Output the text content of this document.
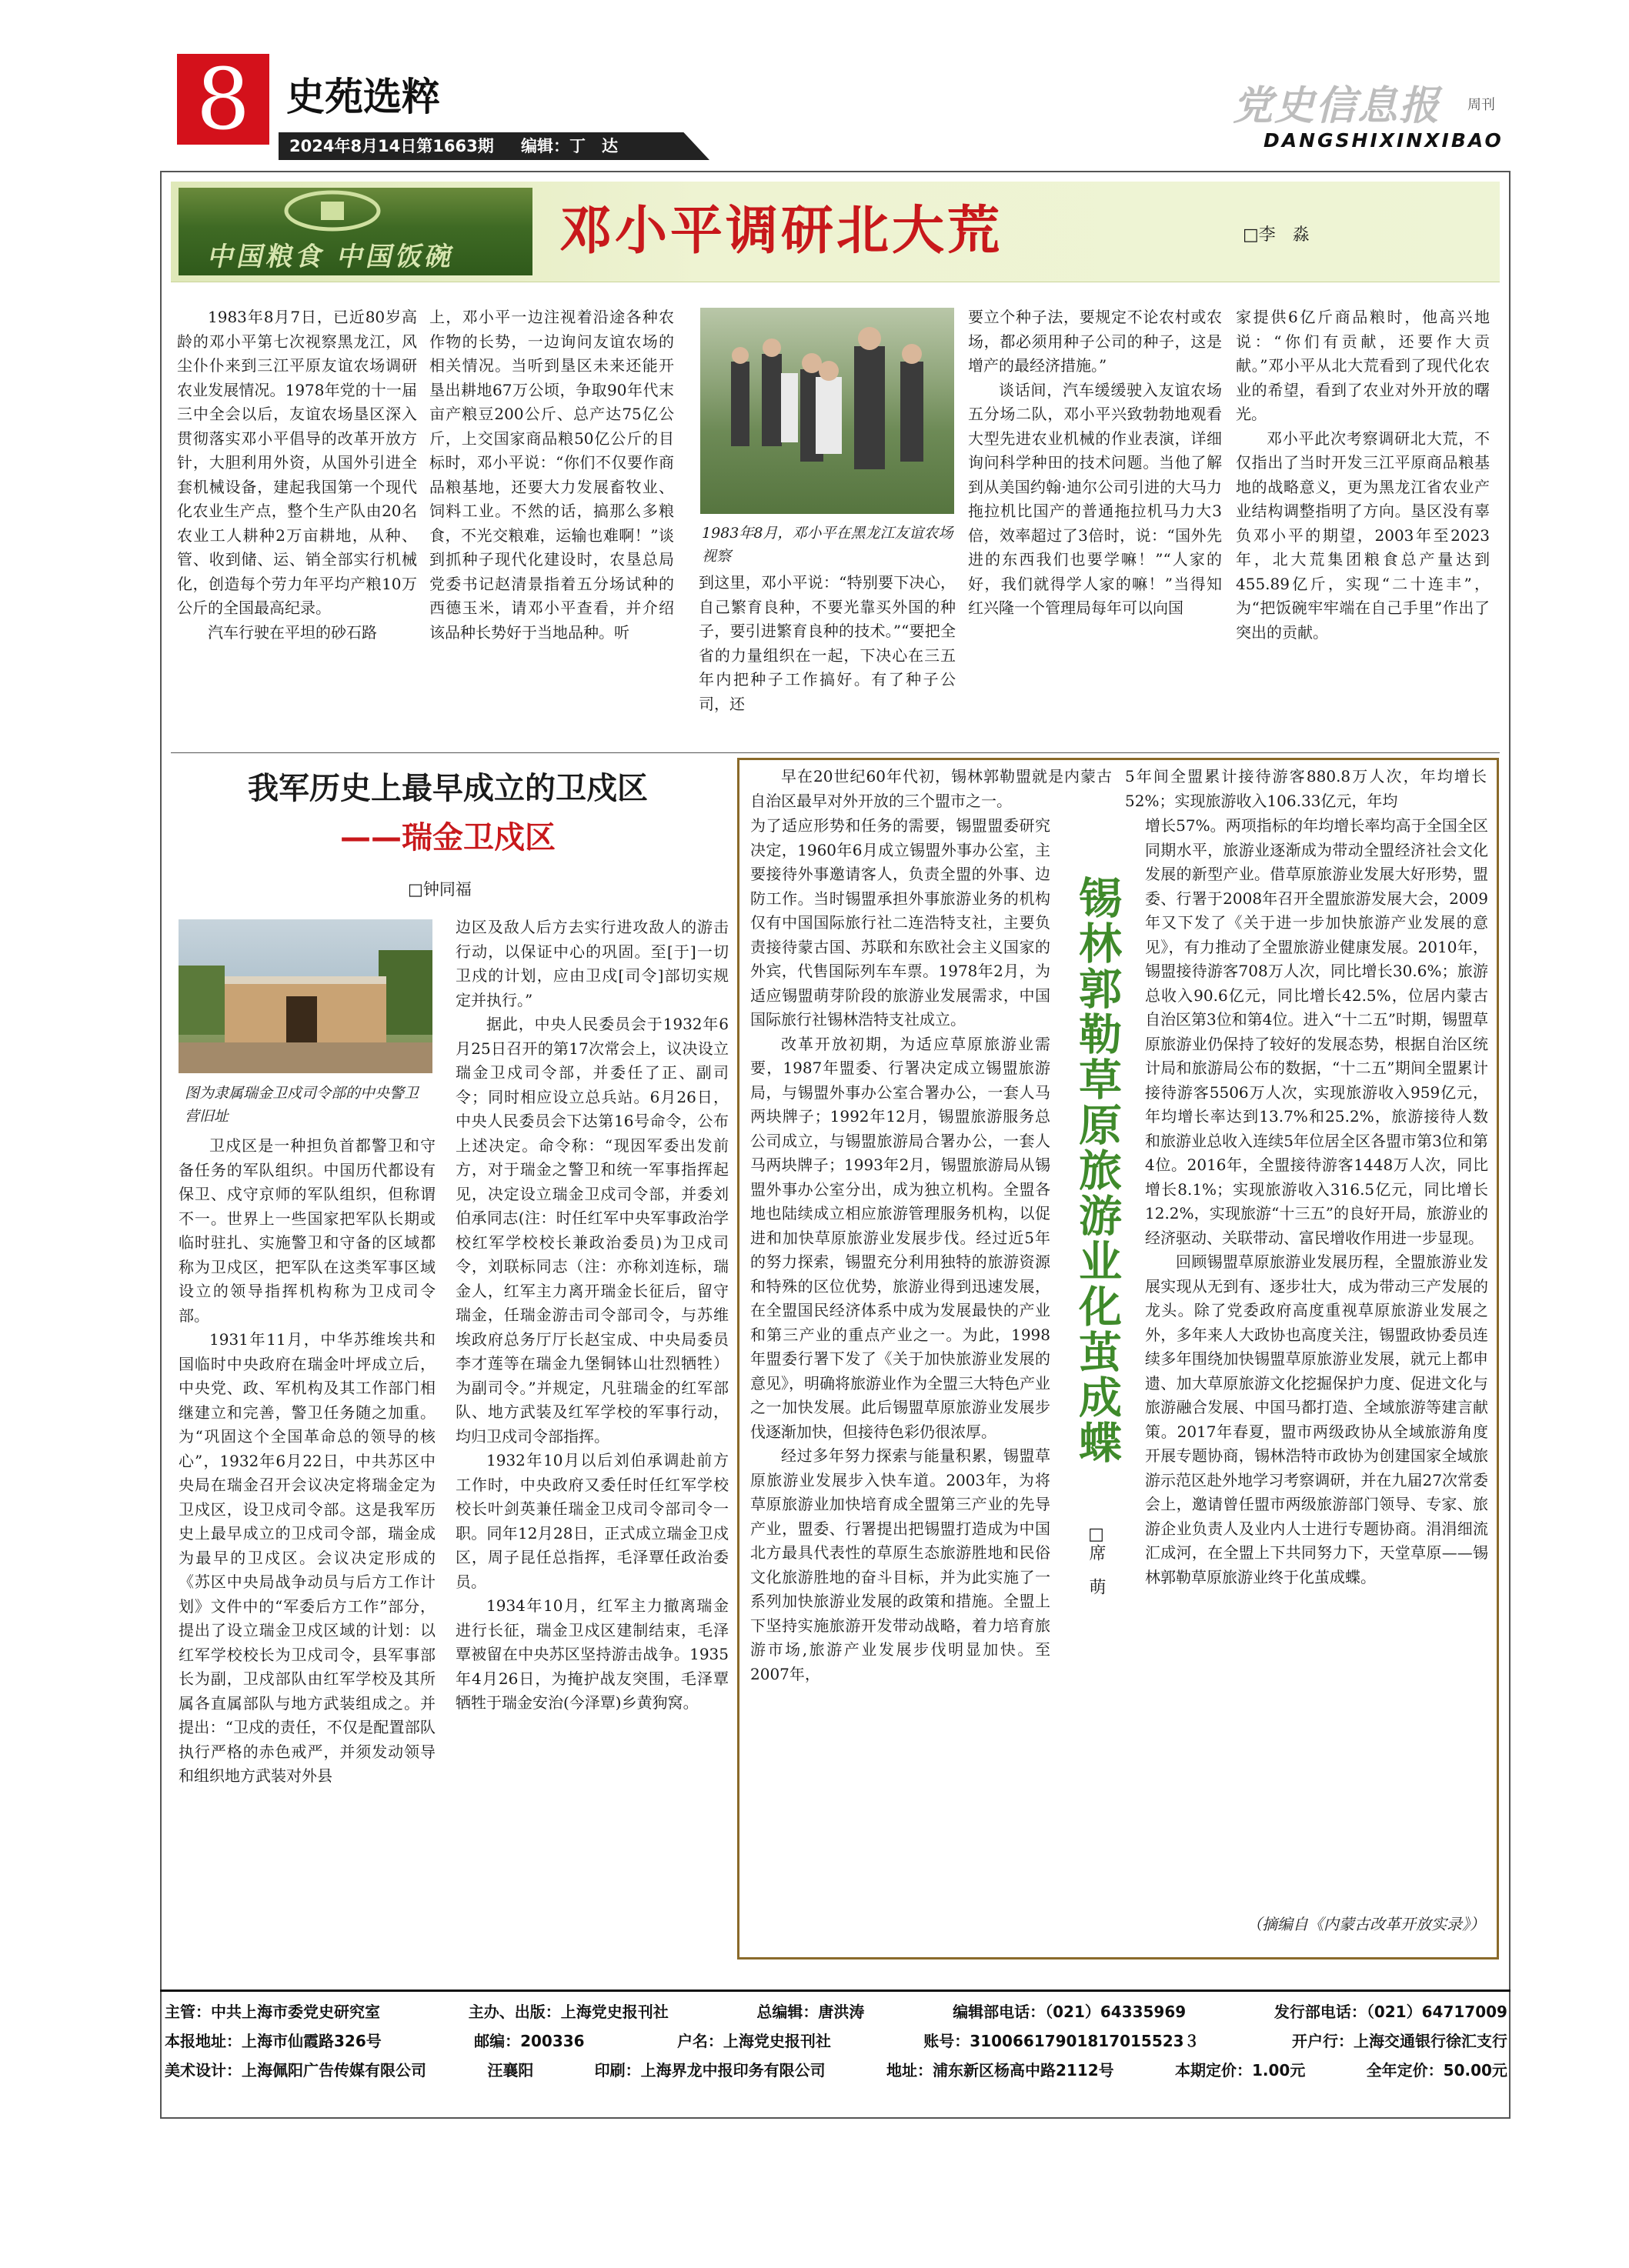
8 史苑选粹
2024年8月14日第1663期 编辑：丁　达
党史信息报 周刊
DANGSHIXINXIBAO
中国粮食 中国饭碗 邓小平调研北大荒	□李　淼

1983年8月7日，已近80岁高龄的邓小平第七次视察黑龙江，风尘仆仆来到三江平原友谊农场调研农业发展情况。1978年党的十一届三中全会以后，友谊农场垦区深入贯彻落实邓小平倡导的改革开放方针，大胆利用外资，从国外引进全套机械设备，建起我国第一个现代化农业生产点，整个生产队由20名农业工人耕种2万亩耕地，从种、管、收到储、运、销全部实行机械化，创造每个劳力年平均产粮10万公斤的全国最高纪录。

汽车行驶在平坦的砂石路

上，邓小平一边注视着沿途各种农作物的长势，一边询问友谊农场的相关情况。当听到垦区未来还能开垦出耕地67万公顷，争取90年代末亩产粮豆200公斤、总产达75亿公斤，上交国家商品粮50亿公斤的目标时，邓小平说：“你们不仅要作商品粮基地，还要大力发展畜牧业、饲料工业。不然的话，搞那么多粮食，不光交粮难，运输也难啊！”谈到抓种子现代化建设时，农垦总局党委书记赵清景指着五分场试种的西德玉米，请邓小平查看，并介绍该品种长势好于当地品种。听

1983年8月，邓小平在黑龙江友谊农场视察

到这里，邓小平说：“特别要下决心，自己繁育良种，不要光靠买外国的种子，要引进繁育良种的技术。”“要把全省的力量组织在一起，下决心在三五年内把种子工作搞好。有了种子公司，还

要立个种子法，要规定不论农村或农场，都必须用种子公司的种子，这是增产的最经济措施。”

谈话间，汽车缓缓驶入友谊农场五分场二队，邓小平兴致勃勃地观看大型先进农业机械的作业表演，详细询问科学种田的技术问题。当他了解到从美国约翰·迪尔公司引进的大马力拖拉机比国产的普通拖拉机马力大3倍，效率超过了3倍时，说：“国外先进的东西我们也要学嘛！”“人家的好，我们就得学人家的嘛！”当得知红兴隆一个管理局每年可以向国

家提供6亿斤商品粮时，他高兴地说：“你们有贡献，还要作大贡献。”邓小平从北大荒看到了现代化农业的希望，看到了农业对外开放的曙光。

邓小平此次考察调研北大荒，不仅指出了当时开发三江平原商品粮基地的战略意义，更为黑龙江省农业产业结构调整指明了方向。垦区没有辜负邓小平的期望，2003年至2023年，北大荒集团粮食总产量达到455.89亿斤，实现“二十连丰”，为“把饭碗牢牢端在自己手里”作出了突出的贡献。

我军历史上最早成立的卫戍区
——瑞金卫戍区
□钟同福
图为隶属瑞金卫戍司令部的中央警卫营旧址

卫戍区是一种担负首都警卫和守备任务的军队组织。中国历代都设有保卫、戍守京师的军队组织，但称谓不一。世界上一些国家把军队长期或临时驻扎、实施警卫和守备的区域都称为卫戍区，把军队在这类军事区域设立的领导指挥机构称为卫戍司令部。

1931年11月，中华苏维埃共和国临时中央政府在瑞金叶坪成立后，中央党、政、军机构及其工作部门相继建立和完善，警卫任务随之加重。为“巩固这个全国革命总的领导的核心”，1932年6月22日，中共苏区中央局在瑞金召开会议决定将瑞金定为卫戍区，设卫戍司令部。这是我军历史上最早成立的卫戍司令部，瑞金成为最早的卫戍区。会议决定形成的《苏区中央局战争动员与后方工作计划》文件中的“军委后方工作”部分，提出了设立瑞金卫戍区域的计划：以红军学校校长为卫戍司令，县军事部长为副，卫戍部队由红军学校及其所属各直属部队与地方武装组成之。并提出：“卫戍的责任，不仅是配置部队执行严格的赤色戒严，并须发动领导和组织地方武装对外县

边区及敌人后方去实行进攻敌人的游击行动，以保证中心的巩固。至[于]一切卫戍的计划，应由卫戍[司令]部切实规定并执行。”

据此，中央人民委员会于1932年6月25日召开的第17次常会上，议决设立瑞金卫戍司令部，并委任了正、副司令；同时相应设立总兵站。6月26日，中央人民委员会下达第16号命令，公布上述决定。命令称：“现因军委出发前方，对于瑞金之警卫和统一军事指挥起见，决定设立瑞金卫戍司令部，并委刘伯承同志(注：时任红军中央军事政治学校红军学校校长兼政治委员)为卫戍司令，刘联标同志（注：亦称刘连标，瑞金人，红军主力离开瑞金长征后，留守瑞金，任瑞金游击司令部司令，与苏维埃政府总务厅厅长赵宝成、中央局委员李才莲等在瑞金九堡铜钵山壮烈牺牲）为副司令。”并规定，凡驻瑞金的红军部队、地方武装及红军学校的军事行动，均归卫戍司令部指挥。

1932年10月以后刘伯承调赴前方工作时，中央政府又委任时任红军学校校长叶剑英兼任瑞金卫戍司令部司令一职。同年12月28日，正式成立瑞金卫戍区，周子昆任总指挥，毛泽覃任政治委员。

1934年10月，红军主力撤离瑞金进行长征，瑞金卫戍区建制结束，毛泽覃被留在中央苏区坚持游击战争。1935年4月26日，为掩护战友突围，毛泽覃牺牲于瑞金安治(今泽覃)乡黄狗窝。

早在20世纪60年代初，锡林郭勒盟就是内蒙古自治区最早对外开放的三个盟市之一。

5年间全盟累计接待游客880.8万人次，年均增长52%；实现旅游收入106.33亿元，年均

为了适应形势和任务的需要，锡盟盟委研究决定，1960年6月成立锡盟外事办公室，主要接待外事邀请客人，负责全盟的外事、边防工作。当时锡盟承担外事旅游业务的机构仅有中国国际旅行社二连浩特支社，主要负责接待蒙古国、苏联和东欧社会主义国家的外宾，代售国际列车车票。1978年2月，为适应锡盟萌芽阶段的旅游业发展需求，中国国际旅行社锡林浩特支社成立。

改革开放初期，为适应草原旅游业需要，1987年盟委、行署决定成立锡盟旅游局，与锡盟外事办公室合署办公，一套人马两块牌子；1992年12月，锡盟旅游服务总公司成立，与锡盟旅游局合署办公，一套人马两块牌子；1993年2月，锡盟旅游局从锡盟外事办公室分出，成为独立机构。全盟各地也陆续成立相应旅游管理服务机构，以促进和加快草原旅游业发展步伐。经过近5年的努力探索，锡盟充分利用独特的旅游资源和特殊的区位优势，旅游业得到迅速发展，在全盟国民经济体系中成为发展最快的产业和第三产业的重点产业之一。为此，1998年盟委行署下发了《关于加快旅游业发展的意见》，明确将旅游业作为全盟三大特色产业之一加快发展。此后锡盟草原旅游业发展步伐逐渐加快，但接待色彩仍很浓厚。

经过多年努力探索与能量积累，锡盟草原旅游业发展步入快车道。2003年，为将草原旅游业加快培育成全盟第三产业的先导产业，盟委、行署提出把锡盟打造成为中国北方最具代表性的草原生态旅游胜地和民俗文化旅游胜地的奋斗目标，并为此实施了一系列加快旅游业发展的政策和措施。全盟上下坚持实施旅游开发带动战略，着力培育旅游市场,旅游产业发展步伐明显加快。至2007年，

锡林郭勒草原旅游业化茧成蝶
□席　萌

增长57%。两项指标的年均增长率均高于全国全区同期水平，旅游业逐渐成为带动全盟经济社会文化发展的新型产业。借草原旅游业发展大好形势，盟委、行署于2008年召开全盟旅游发展大会，2009年又下发了《关于进一步加快旅游产业发展的意见》，有力推动了全盟旅游业健康发展。2010年，锡盟接待游客708万人次，同比增长30.6%；旅游总收入90.6亿元，同比增长42.5%，位居内蒙古自治区第3位和第4位。进入“十二五”时期，锡盟草原旅游业仍保持了较好的发展态势，根据自治区统计局和旅游局公布的数据，“十二五”期间全盟累计接待游客5506万人次，实现旅游收入959亿元，年均增长率达到13.7%和25.2%，旅游接待人数和旅游业总收入连续5年位居全区各盟市第3位和第4位。2016年，全盟接待游客1448万人次，同比增长8.1%；实现旅游收入316.5亿元，同比增长12.2%，实现旅游“十三五”的良好开局，旅游业的经济驱动、关联带动、富民增收作用进一步显现。

回顾锡盟草原旅游业发展历程，全盟旅游业发展实现从无到有、逐步壮大，成为带动三产发展的龙头。除了党委政府高度重视草原旅游业发展之外，多年来人大政协也高度关注，锡盟政协委员连续多年围绕加快锡盟草原旅游业发展，就元上都申遗、加大草原旅游文化挖掘保护力度、促进文化与旅游融合发展、中国马都打造、全域旅游等建言献策。2017年春夏，盟市两级政协从全域旅游角度开展专题协商，锡林浩特市政协为创建国家全域旅游示范区赴外地学习考察调研，并在九届27次常委会上，邀请曾任盟市两级旅游部门领导、专家、旅游企业负责人及业内人士进行专题协商。涓涓细流汇成河，在全盟上下共同努力下，天堂草原——锡林郭勒草原旅游业终于化茧成蝶。

（摘编自《内蒙古改革开放实录》）
主管：中共上海市委党史研究室	主办、出版：上海党史报刊社	总编辑：唐洪涛	编辑部电话：（021）64335969	发行部电话：（021）64717009
本报地址：上海市仙霞路326号	邮编：200336	户名：上海党史报刊社	账号：31006617901817015523３	开户行：上海交通银行徐汇支行
美术设计：上海佩阳广告传媒有限公司	汪襄阳	印刷：上海界龙中报印务有限公司	地址：浦东新区杨高中路2112号	本期定价：1.00元	全年定价：50.00元
